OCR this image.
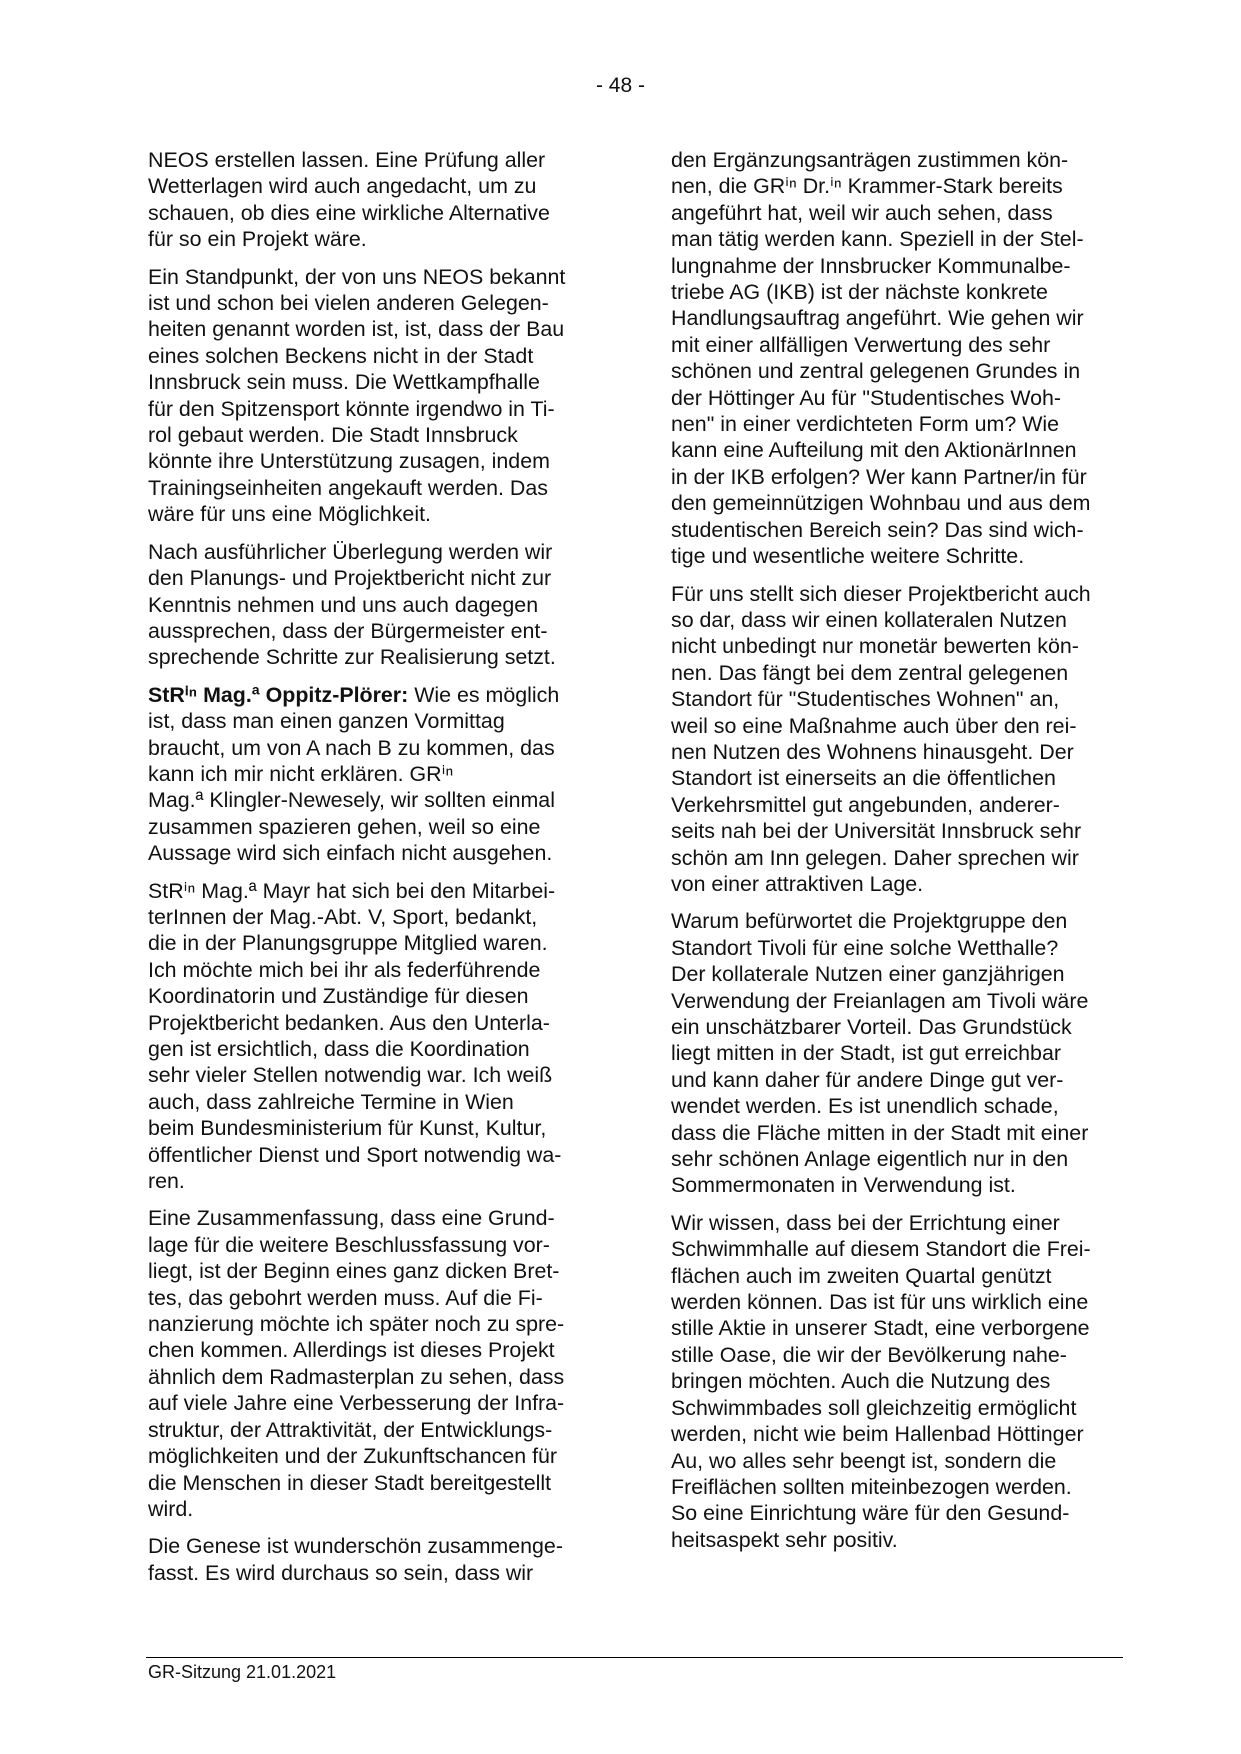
- 48 -
NEOS erstellen lassen. Eine Prüfung aller
Wetterlagen wird auch angedacht, um zu
schauen, ob dies eine wirkliche Alternative
für so ein Projekt wäre.
Ein Standpunkt, der von uns NEOS bekannt
ist und schon bei vielen anderen Gelegen-
heiten genannt worden ist, ist, dass der Bau
eines solchen Beckens nicht in der Stadt
Innsbruck sein muss. Die Wettkampfhalle
für den Spitzensport könnte irgendwo in Ti-
rol gebaut werden. Die Stadt Innsbruck
könnte ihre Unterstützung zusagen, indem
Trainingseinheiten angekauft werden. Das
wäre für uns eine Möglichkeit.
Nach ausführlicher Überlegung werden wir
den Planungs- und Projektbericht nicht zur
Kenntnis nehmen und uns auch dagegen
aussprechen, dass der Bürgermeister ent-
sprechende Schritte zur Realisierung setzt.
StRⁱⁿ Mag.ª Oppitz-Plörer: Wie es möglich
ist, dass man einen ganzen Vormittag
braucht, um von A nach B zu kommen, das
kann ich mir nicht erklären. GRⁱⁿ
Mag.ª Klingler-Newesely, wir sollten einmal
zusammen spazieren gehen, weil so eine
Aussage wird sich einfach nicht ausgehen.
StRⁱⁿ Mag.ª Mayr hat sich bei den Mitarbei-
terInnen der Mag.-Abt. V, Sport, bedankt,
die in der Planungsgruppe Mitglied waren.
Ich möchte mich bei ihr als federführende
Koordinatorin und Zuständige für diesen
Projektbericht bedanken. Aus den Unterla-
gen ist ersichtlich, dass die Koordination
sehr vieler Stellen notwendig war. Ich weiß
auch, dass zahlreiche Termine in Wien
beim Bundesministerium für Kunst, Kultur,
öffentlicher Dienst und Sport notwendig wa-
ren.
Eine Zusammenfassung, dass eine Grund-
lage für die weitere Beschlussfassung vor-
liegt, ist der Beginn eines ganz dicken Bret-
tes, das gebohrt werden muss. Auf die Fi-
nanzierung möchte ich später noch zu spre-
chen kommen. Allerdings ist dieses Projekt
ähnlich dem Radmasterplan zu sehen, dass
auf viele Jahre eine Verbesserung der Infra-
struktur, der Attraktivität, der Entwicklungs-
möglichkeiten und der Zukunftschancen für
die Menschen in dieser Stadt bereitgestellt
wird.
Die Genese ist wunderschön zusammenge-
fasst. Es wird durchaus so sein, dass wir
den Ergänzungsanträgen zustimmen kön-
nen, die GRⁱⁿ Dr.ⁱⁿ Krammer-Stark bereits
angeführt hat, weil wir auch sehen, dass
man tätig werden kann. Speziell in der Stel-
lungnahme der Innsbrucker Kommunalbe-
triebe AG (IKB) ist der nächste konkrete
Handlungsauftrag angeführt. Wie gehen wir
mit einer allfälligen Verwertung des sehr
schönen und zentral gelegenen Grundes in
der Höttinger Au für "Studentisches Woh-
nen" in einer verdichteten Form um? Wie
kann eine Aufteilung mit den AktionärInnen
in der IKB erfolgen? Wer kann Partner/in für
den gemeinnützigen Wohnbau und aus dem
studentischen Bereich sein? Das sind wich-
tige und wesentliche weitere Schritte.
Für uns stellt sich dieser Projektbericht auch
so dar, dass wir einen kollateralen Nutzen
nicht unbedingt nur monetär bewerten kön-
nen. Das fängt bei dem zentral gelegenen
Standort für "Studentisches Wohnen" an,
weil so eine Maßnahme auch über den rei-
nen Nutzen des Wohnens hinausgeht. Der
Standort ist einerseits an die öffentlichen
Verkehrsmittel gut angebunden, anderer-
seits nah bei der Universität Innsbruck sehr
schön am Inn gelegen. Daher sprechen wir
von einer attraktiven Lage.
Warum befürwortet die Projektgruppe den
Standort Tivoli für eine solche Wetthalle?
Der kollaterale Nutzen einer ganzjährigen
Verwendung der Freianlagen am Tivoli wäre
ein unschätzbarer Vorteil. Das Grundstück
liegt mitten in der Stadt, ist gut erreichbar
und kann daher für andere Dinge gut ver-
wendet werden. Es ist unendlich schade,
dass die Fläche mitten in der Stadt mit einer
sehr schönen Anlage eigentlich nur in den
Sommermonaten in Verwendung ist.
Wir wissen, dass bei der Errichtung einer
Schwimmhalle auf diesem Standort die Frei-
flächen auch im zweiten Quartal genützt
werden können. Das ist für uns wirklich eine
stille Aktie in unserer Stadt, eine verborgene
stille Oase, die wir der Bevölkerung nahe-
bringen möchten. Auch die Nutzung des
Schwimmbades soll gleichzeitig ermöglicht
werden, nicht wie beim Hallenbad Höttinger
Au, wo alles sehr beengt ist, sondern die
Freiflächen sollten miteinbezogen werden.
So eine Einrichtung wäre für den Gesund-
heitsaspekt sehr positiv.
GR-Sitzung 21.01.2021
